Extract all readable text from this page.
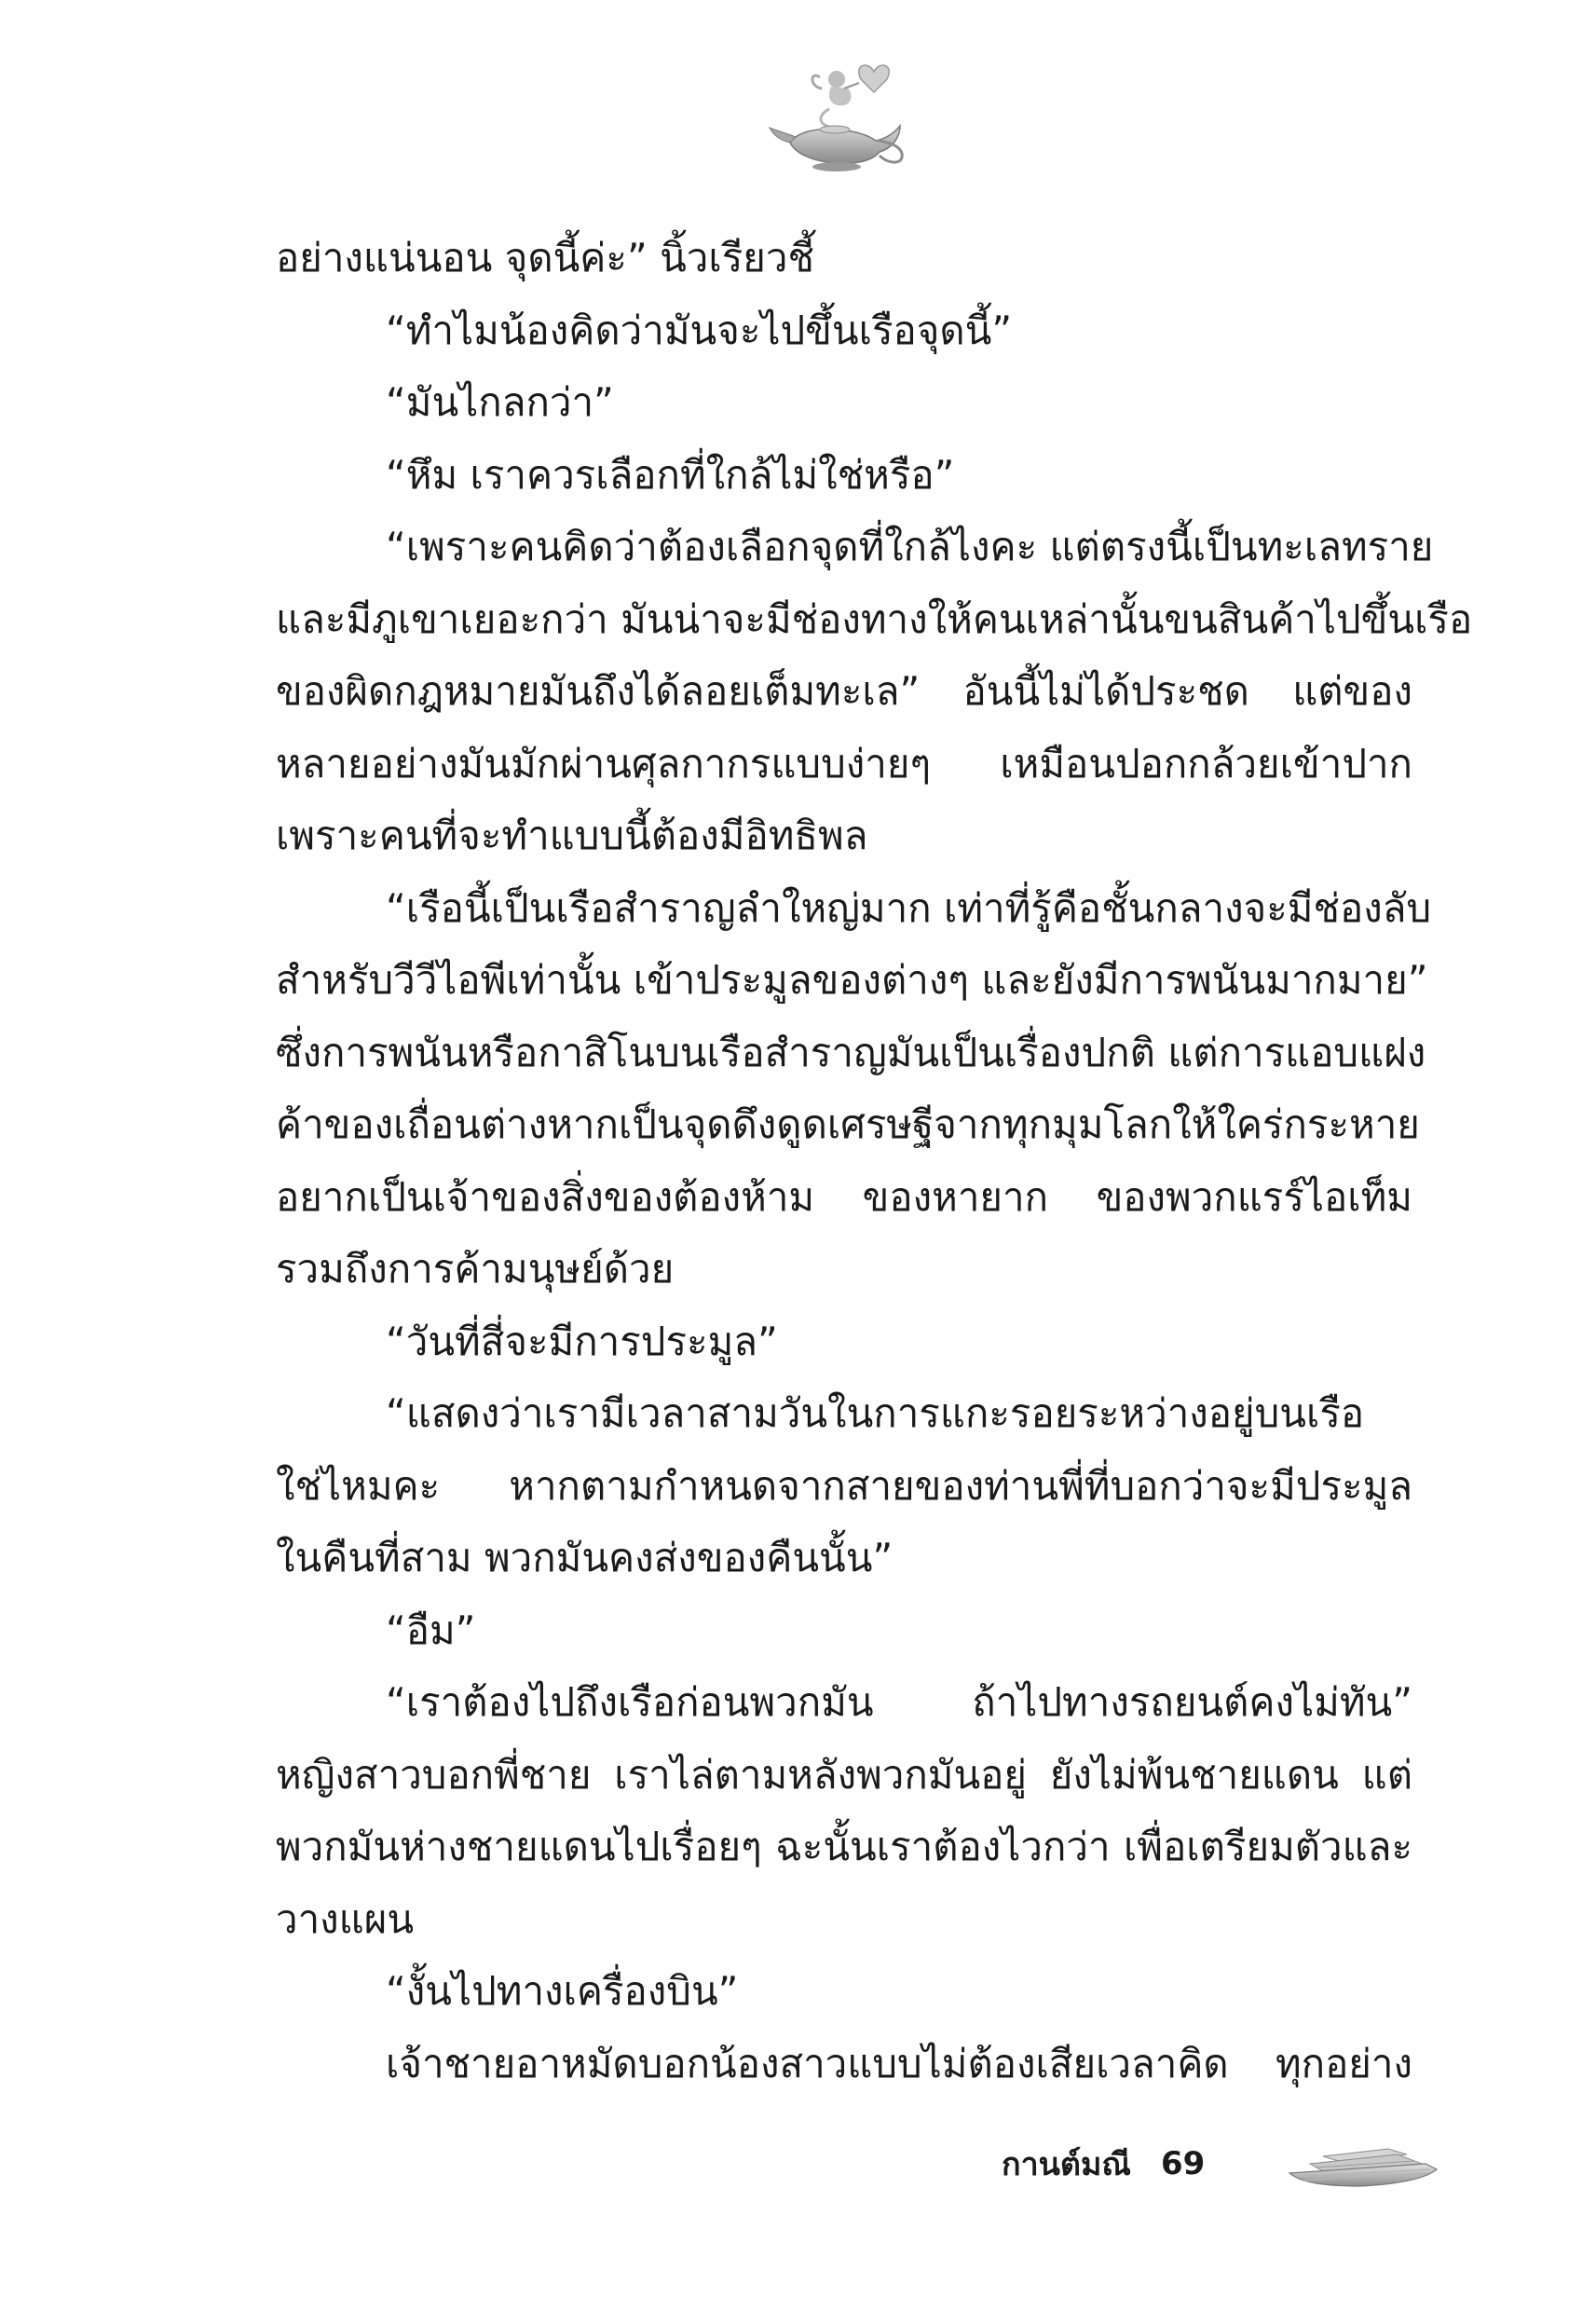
อย่างแน่นอน จุดนี้ค่ะ” นิ้วเรียวชี้
“ทำไมน้องคิดว่ามันจะไปขึ้นเรือจุดนี้”
“มันไกลกว่า”
“หึม เราควรเลือกที่ใกล้ไม่ใช่หรือ”
“เพราะคนคิดว่าต้องเลือกจุดที่ใกล้ไงคะ แต่ตรงนี้เป็นทะเลทราย
และมีภูเขาเยอะกว่า มันน่าจะมีช่องทางให้คนเหล่านั้นขนสินค้าไปขึ้นเรือ
ของผิดกฎหมายมันถึงได้ลอยเต็มทะเล” อันนี้ไม่ได้ประชด แต่ของ
หลายอย่างมันมักผ่านศุลกากรแบบง่ายๆ เหมือนปอกกล้วยเข้าปาก
เพราะคนที่จะทำแบบนี้ต้องมีอิทธิพล
“เรือนี้เป็นเรือสำราญลำใหญ่มาก เท่าที่รู้คือชั้นกลางจะมีช่องลับ
สำหรับวีวีไอพีเท่านั้น เข้าประมูลของต่างๆ และยังมีการพนันมากมาย”
ซึ่งการพนันหรือกาสิโนบนเรือสำราญมันเป็นเรื่องปกติ แต่การแอบแฝง
ค้าของเถื่อนต่างหากเป็นจุดดึงดูดเศรษฐีจากทุกมุมโลกให้ใคร่กระหาย
อยากเป็นเจ้าของสิ่งของต้องห้าม ของหายาก ของพวกแรร์ไอเท็ม
รวมถึงการค้ามนุษย์ด้วย
“วันที่สี่จะมีการประมูล”
“แสดงว่าเรามีเวลาสามวันในการแกะรอยระหว่างอยู่บนเรือ
ใช่ไหมคะ หากตามกำหนดจากสายของท่านพี่ที่บอกว่าจะมีประมูล
ในคืนที่สาม พวกมันคงส่งของคืนนั้น”
“อืม”
“เราต้องไปถึงเรือก่อนพวกมัน ถ้าไปทางรถยนต์คงไม่ทัน”
หญิงสาวบอกพี่ชาย เราไล่ตามหลังพวกมันอยู่ ยังไม่พ้นชายแดน แต่
พวกมันห่างชายแดนไปเรื่อยๆ ฉะนั้นเราต้องไวกว่า เพื่อเตรียมตัวและ
วางแผน
“งั้นไปทางเครื่องบิน”
เจ้าชายอาหมัดบอกน้องสาวแบบไม่ต้องเสียเวลาคิด ทุกอย่าง
กานต์มณี 69
